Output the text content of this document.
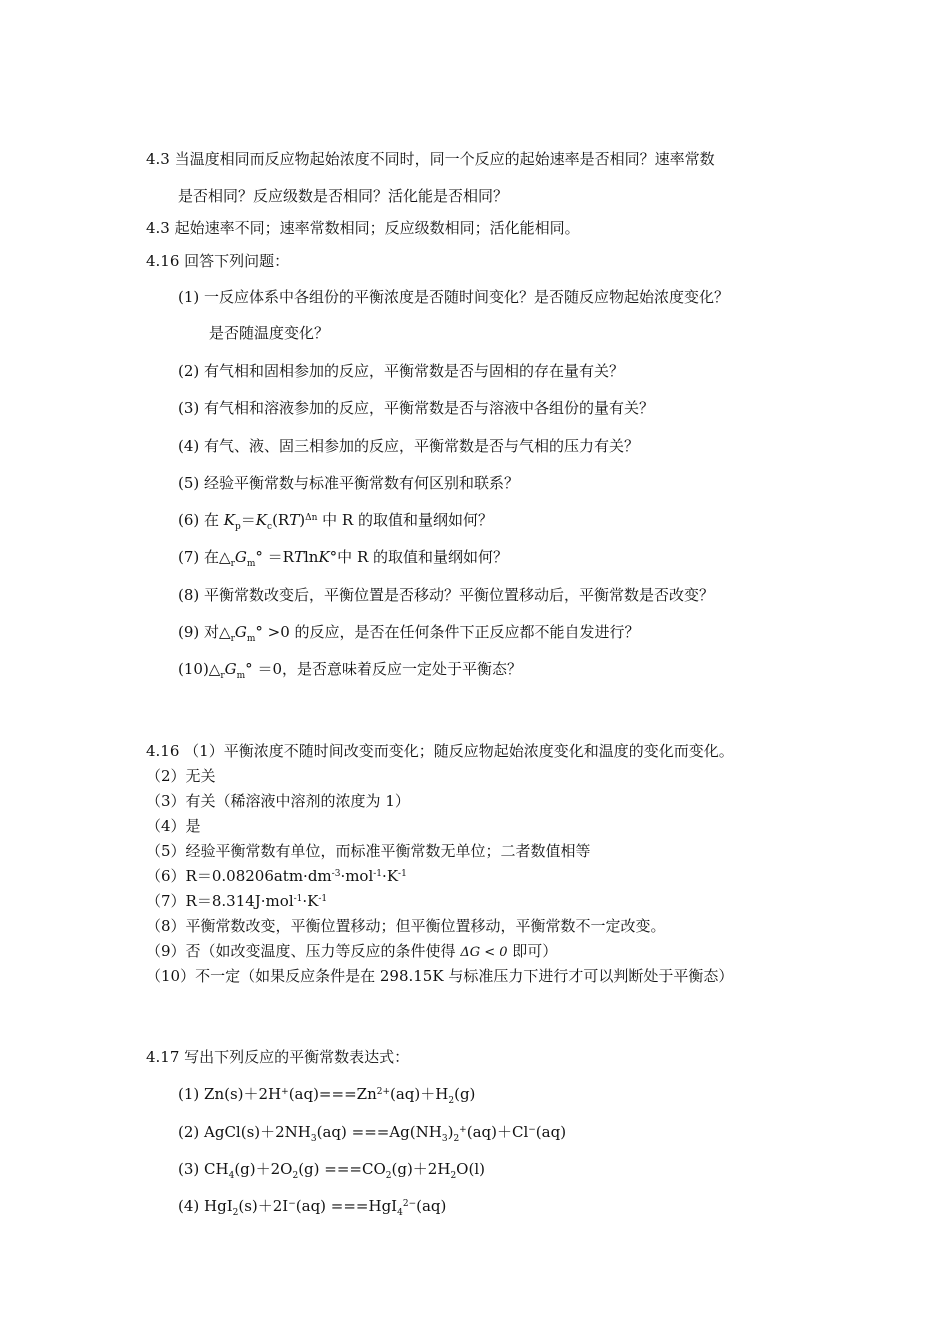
4.3 当温度相同而反应物起始浓度不同时，同一个反应的起始速率是否相同？速率常数
是否相同？反应级数是否相同？活化能是否相同？
4.3 起始速率不同；速率常数相同；反应级数相同；活化能相同。
4.16 回答下列问题：
(1) 一反应体系中各组份的平衡浓度是否随时间变化？是否随反应物起始浓度变化？
是否随温度变化？
(2) 有气相和固相参加的反应，平衡常数是否与固相的存在量有关？
(3) 有气相和溶液参加的反应，平衡常数是否与溶液中各组份的量有关？
(4) 有气、液、固三相参加的反应，平衡常数是否与气相的压力有关？
(5) 经验平衡常数与标准平衡常数有何区别和联系？
(6) 在 $K_p=K_c(RT)^{\Delta n}$ 中 R 的取值和量纲如何？
(7) 在$\triangle_rG_m^\circ =RTlnK^\circ$中 R 的取值和量纲如何？
(8) 平衡常数改变后，平衡位置是否移动？平衡位置移动后，平衡常数是否改变？
(9) 对$\triangle_rG_m^\circ >0$ 的反应，是否在任何条件下正反应都不能自发进行？
$(10)\triangle_rG_m^\circ =0$，是否意味着反应一定处于平衡态？
4.16 （1）平衡浓度不随时间改变而变化；随反应物起始浓度变化和温度的变化而变化。
（2）无关
（3）有关（稀溶液中溶剂的浓度为 1）
（4）是
（5）经验平衡常数有单位，而标准平衡常数无单位；二者数值相等
$(6)R=0.08206atm\cdot dm^{-3}\cdot mol^{-1}\cdot K^{-1}$
$(7)R=8.314J\cdot mol^{-1}\cdot K^{-1}$
（8）平衡常数改变，平衡位置移动；但平衡位置移动，平衡常数不一定改变。
（9）否（如改变温度、压力等反应的条件使得 ΔG < 0 即可）
（10）不一定（如果反应条件是在 298.15K 与标准压力下进行才可以判断处于平衡态）
4.17 写出下列反应的平衡常数表达式：
(1) $Zn(s)+2H^+(aq)===Zn^{2+}(aq)+H_2(g)$
(2) $AgCl(s)+2NH_3(aq) ===Ag(NH_3)_2^+(aq)+Cl^-(aq)$
(3) $CH_4(g)+2O_2(g) ===CO_2(g)+2H_2O(l)$
(4) HgI$_2$(s)＋2I−(aq) ===HgI$_4^{2-}$(aq)
